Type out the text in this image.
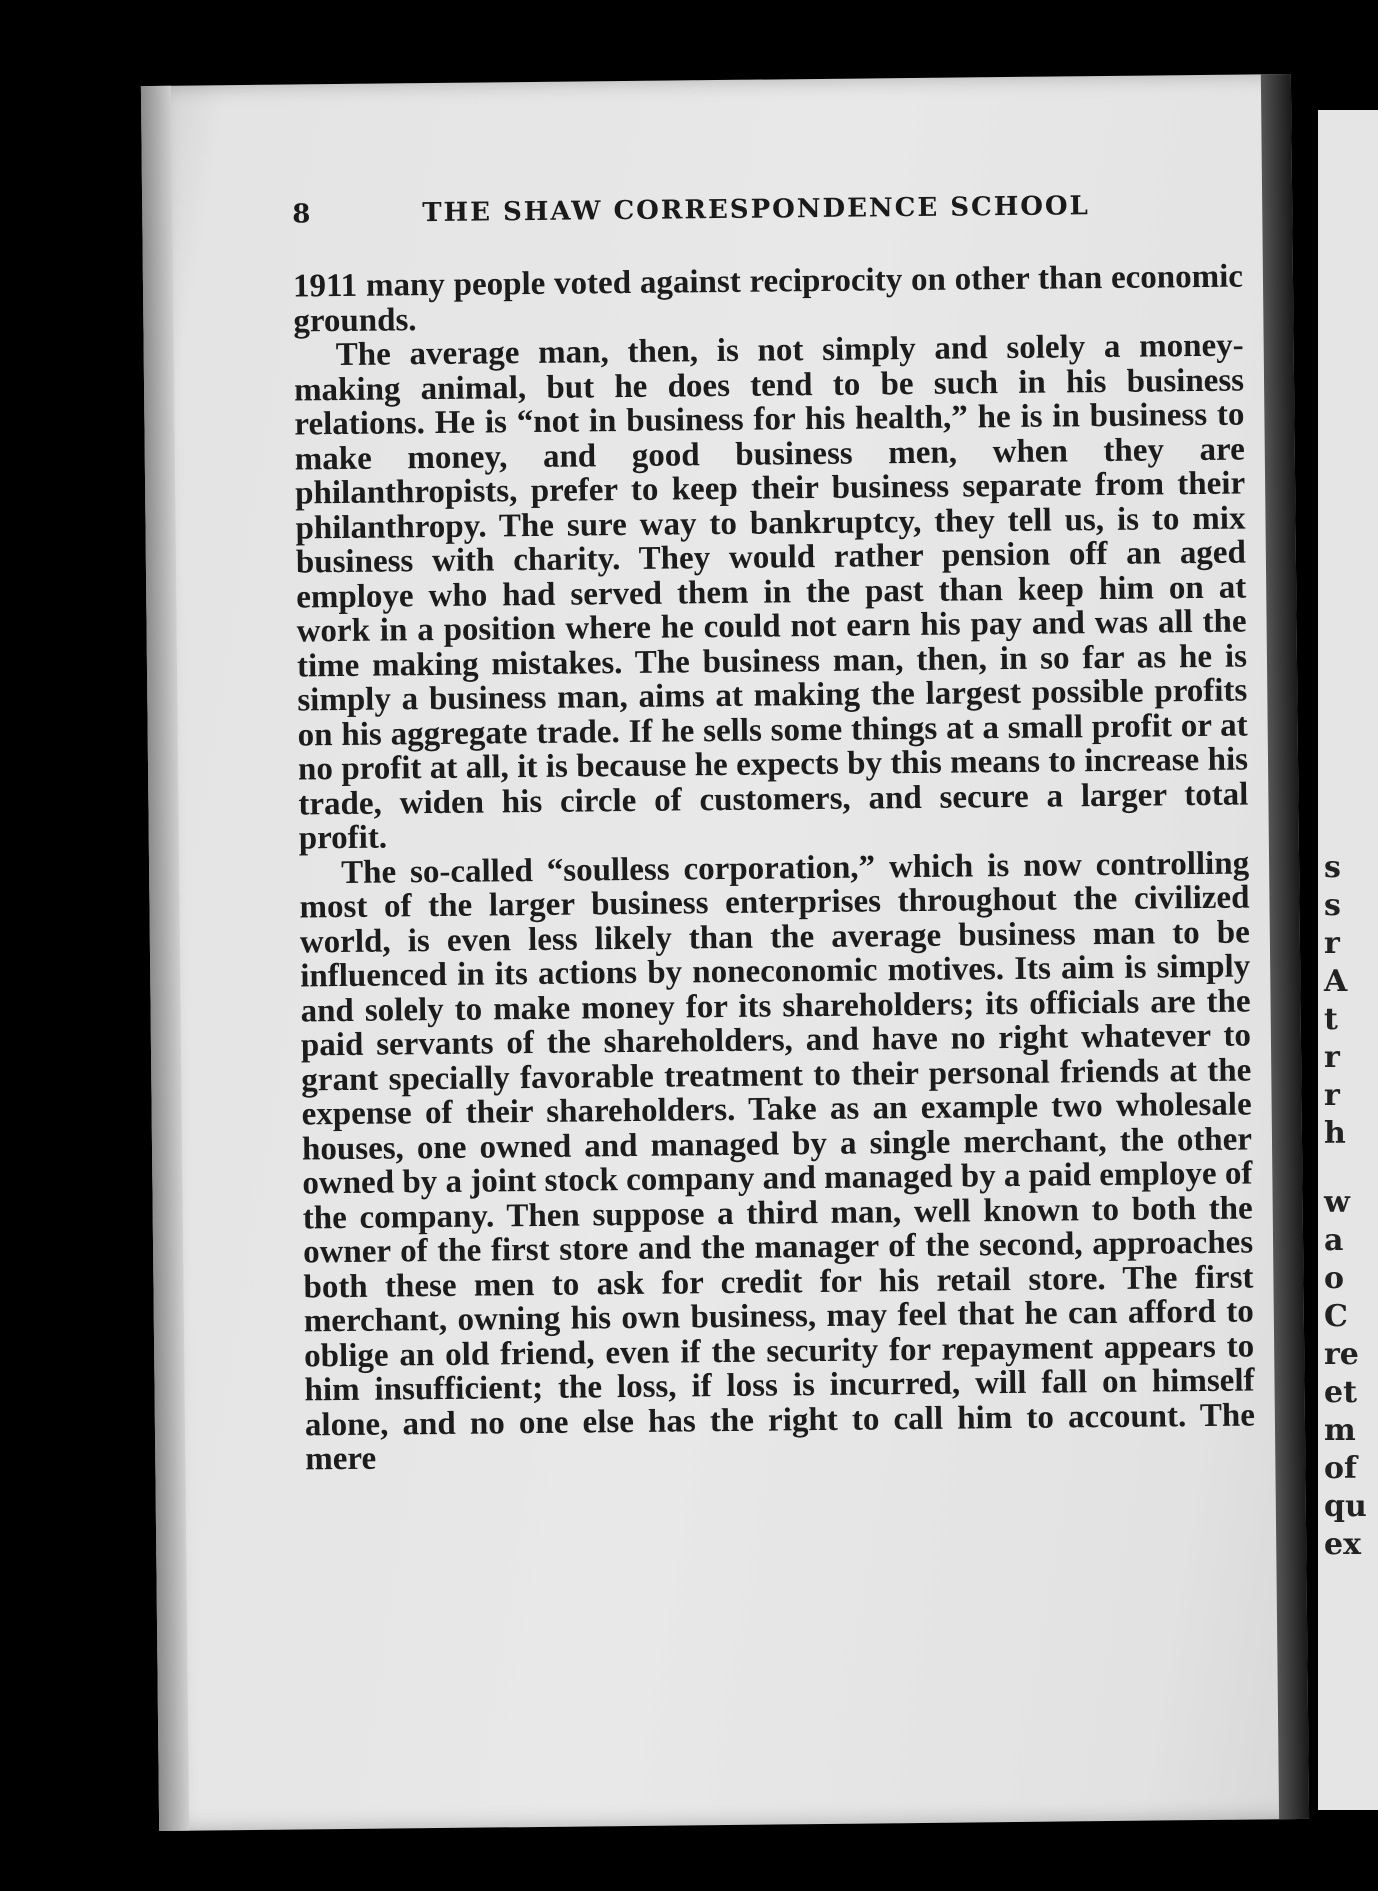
8	THE SHAW CORRESPONDENCE SCHOOL

1911 many people voted against reciprocity on other than economic grounds.

The average man, then, is not simply and solely a money-making animal, but he does tend to be such in his business relations. He is “not in business for his health,” he is in business to make money, and good business men, when they are philanthropists, prefer to keep their business separate from their philanthropy. The sure way to bankruptcy, they tell us, is to mix business with charity. They would rather pension off an aged employe who had served them in the past than keep him on at work in a position where he could not earn his pay and was all the time making mistakes. The business man, then, in so far as he is simply a business man, aims at making the largest possible profits on his aggregate trade. If he sells some things at a small profit or at no profit at all, it is because he expects by this means to increase his trade, widen his circle of customers, and secure a larger total profit.

The so-called “soulless corporation,” which is now controlling most of the larger business enterprises throughout the civilized world, is even less likely than the average business man to be influenced in its actions by noneconomic motives. Its aim is simply and solely to make money for its shareholders; its officials are the paid servants of the shareholders, and have no right whatever to grant specially favorable treatment to their personal friends at the expense of their shareholders. Take as an example two wholesale houses, one owned and managed by a single merchant, the other owned by a joint stock company and managed by a paid employe of the company. Then suppose a third man, well known to both the owner of the first store and the manager of the second, approaches both these men to ask for credit for his retail store. The first merchant, owning his own business, may feel that he can afford to oblige an old friend, even if the security for repayment appears to him insufficient; the loss, if loss is incurred, will fall on himself alone, and no one else has the right to call him to account. The mere

s
s
r
A
t
r
r
h
w
a
o
C
re
et
m
of
qu
ex
